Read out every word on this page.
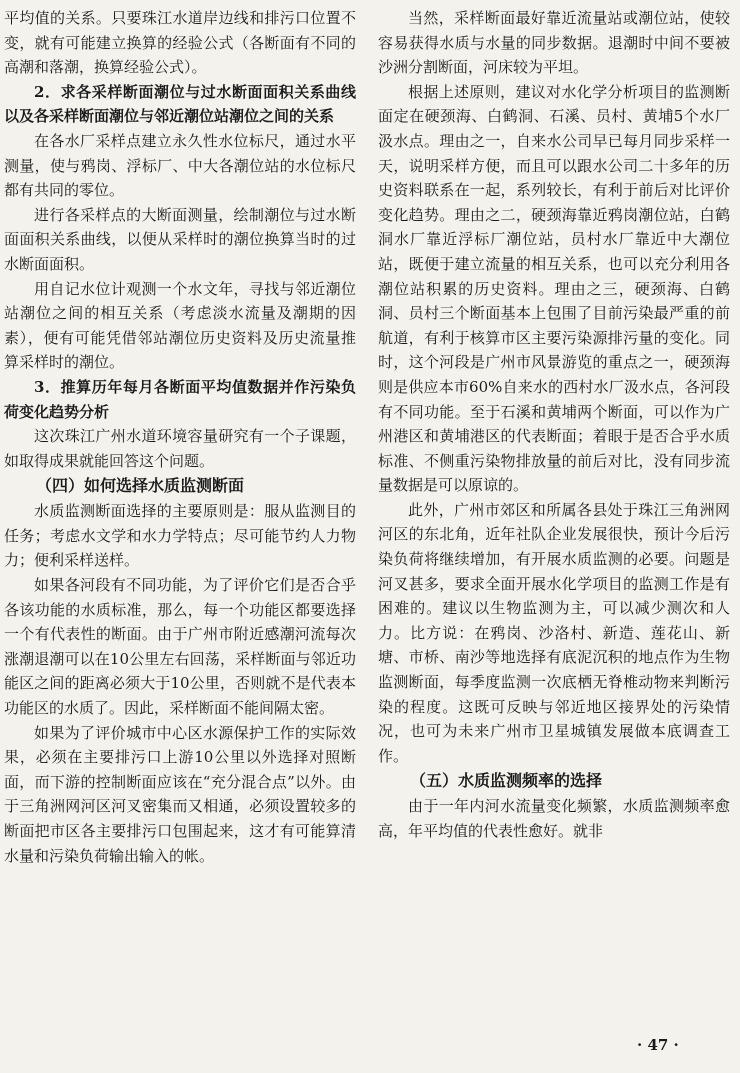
平均值的关系。只要珠江水道岸边线和排污口位置不变，就有可能建立换算的经验公式（各断面有不同的高潮和落潮，换算经验公式）。

2．求各采样断面潮位与过水断面面积关系曲线以及各采样断面潮位与邻近潮位站潮位之间的关系

在各水厂采样点建立永久性水位标尺，通过水平测量，使与鸦岗、浮标厂、中大各潮位站的水位标尺都有共同的零位。

进行各采样点的大断面测量，绘制潮位与过水断面面积关系曲线，以便从采样时的潮位换算当时的过水断面面积。

用自记水位计观测一个水文年，寻找与邻近潮位站潮位之间的相互关系（考虑淡水流量及潮期的因素），便有可能凭借邻站潮位历史资料及历史流量推算采样时的潮位。

3．推算历年每月各断面平均值数据并作污染负荷变化趋势分析

这次珠江广州水道环境容量研究有一个子课题，如取得成果就能回答这个问题。

（四）如何选择水质监测断面

水质监测断面选择的主要原则是：服从监测目的任务；考虑水文学和水力学特点；尽可能节约人力物力；便利采样送样。

如果各河段有不同功能，为了评价它们是否合乎各该功能的水质标准，那么，每一个功能区都要选择一个有代表性的断面。由于广州市附近感潮河流每次涨潮退潮可以在10公里左右回荡，采样断面与邻近功能区之间的距离必须大于10公里，否则就不是代表本功能区的水质了。因此，采样断面不能间隔太密。

如果为了评价城市中心区水源保护工作的实际效果，必须在主要排污口上游10公里以外选择对照断面，而下游的控制断面应该在“充分混合点”以外。由于三角洲网河区河叉密集而又相通，必须设置较多的断面把市区各主要排污口包围起来，这才有可能算清水量和污染负荷输出输入的帐。

当然，采样断面最好靠近流量站或潮位站，使较容易获得水质与水量的同步数据。退潮时中间不要被沙洲分割断面，河床较为平坦。

根据上述原则，建议对水化学分析项目的监测断面定在硬颈海、白鹤洞、石溪、员村、黄埔5个水厂汲水点。理由之一，自来水公司早已每月同步采样一天，说明采样方便，而且可以跟水公司二十多年的历史资料联系在一起，系列较长，有利于前后对比评价变化趋势。理由之二，硬颈海靠近鸦岗潮位站，白鹤洞水厂靠近浮标厂潮位站，员村水厂靠近中大潮位站，既便于建立流量的相互关系，也可以充分利用各潮位站积累的历史资料。理由之三，硬颈海、白鹤洞、员村三个断面基本上包围了目前污染最严重的前航道，有利于核算市区主要污染源排污量的变化。同时，这个河段是广州市风景游览的重点之一，硬颈海则是供应本市60%自来水的西村水厂汲水点，各河段有不同功能。至于石溪和黄埔两个断面，可以作为广州港区和黄埔港区的代表断面；着眼于是否合乎水质标准、不侧重污染物排放量的前后对比，没有同步流量数据是可以原谅的。

此外，广州市郊区和所属各县处于珠江三角洲网河区的东北角，近年社队企业发展很快，预计今后污染负荷将继续增加，有开展水质监测的必要。问题是河叉甚多，要求全面开展水化学项目的监测工作是有困难的。建议以生物监测为主，可以减少测次和人力。比方说：在鸦岗、沙洛村、新造、莲花山、新塘、市桥、南沙等地选择有底泥沉积的地点作为生物监测断面，每季度监测一次底栖无脊椎动物来判断污染的程度。这既可反映与邻近地区接界处的污染情况，也可为未来广州市卫星城镇发展做本底调查工作。

（五）水质监测频率的选择

由于一年内河水流量变化频繁，水质监测频率愈高，年平均值的代表性愈好。就非

· 47 ·
